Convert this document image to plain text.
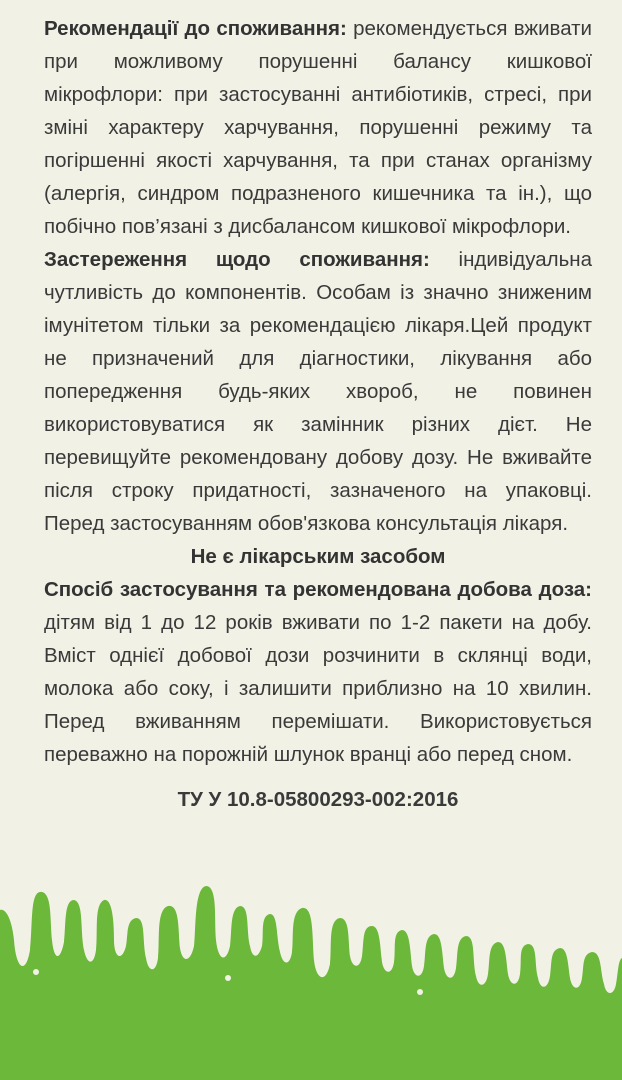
Рекомендації до споживання: рекомендується вживати при можливому порушенні балансу кишкової мікрофлори: при застосуванні антибіотиків, стресі, при зміні характеру харчування, порушенні режиму та погіршенні якості харчування, та при станах організму (алергія, синдром подразненого кишечника та ін.), що побічно пов’язані з дисбалансом кишкової мікрофлори.

Застереження щодо споживання: індивідуальна чутливість до компонентів. Особам із значно зниженим імунітетом тільки за рекомендацією лікаря.Цей продукт не призначений для діагностики, лікування або попередження будь-яких хвороб, не повинен використовуватися як замінник різних дієт. Не перевищуйте рекомендовану добову дозу. Не вживайте після строку придатності, зазначеного на упаковці. Перед застосуванням обов'язкова консультація лікаря.

Не є лікарським засобом

Спосіб застосування та рекомендована добова доза: дітям від 1 до 12 років вживати по 1-2 пакети на добу. Вміст однієї добової дози розчинити в склянці води, молока або соку, і залишити приблизно на 10 хвилин. Перед вживанням перемішати. Використовується переважно на порожній шлунок вранці або перед сном.

ТУ У 10.8-05800293-002:2016
